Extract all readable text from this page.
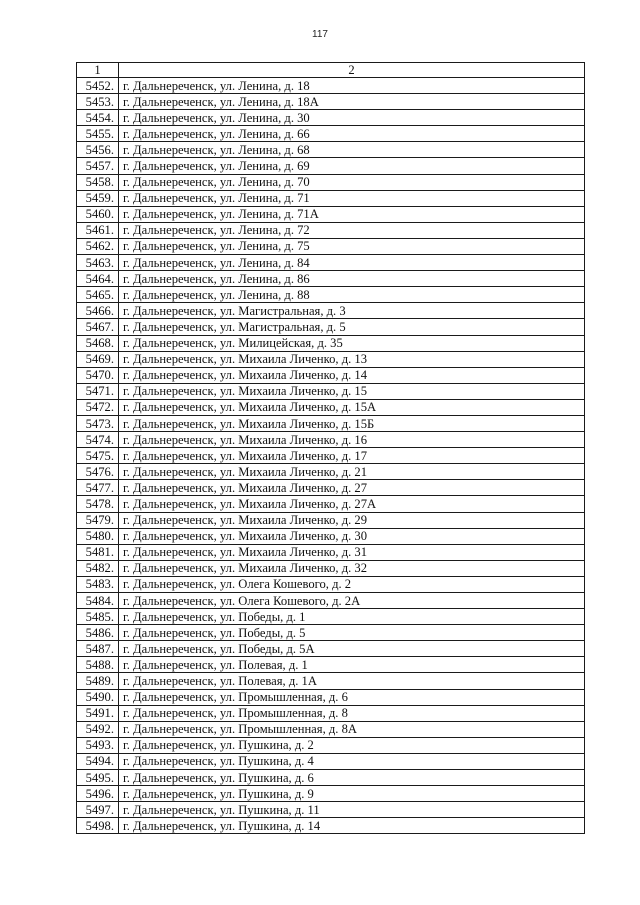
117
1	2
5452.	г. Дальнереченск, ул. Ленина, д. 18
5453.	г. Дальнереченск, ул. Ленина, д. 18А
5454.	г. Дальнереченск, ул. Ленина, д. 30
5455.	г. Дальнереченск, ул. Ленина, д. 66
5456.	г. Дальнереченск, ул. Ленина, д. 68
5457.	г. Дальнереченск, ул. Ленина, д. 69
5458.	г. Дальнереченск, ул. Ленина, д. 70
5459.	г. Дальнереченск, ул. Ленина, д. 71
5460.	г. Дальнереченск, ул. Ленина, д. 71А
5461.	г. Дальнереченск, ул. Ленина, д. 72
5462.	г. Дальнереченск, ул. Ленина, д. 75
5463.	г. Дальнереченск, ул. Ленина, д. 84
5464.	г. Дальнереченск, ул. Ленина, д. 86
5465.	г. Дальнереченск, ул. Ленина, д. 88
5466.	г. Дальнереченск, ул. Магистральная, д. 3
5467.	г. Дальнереченск, ул. Магистральная, д. 5
5468.	г. Дальнереченск, ул. Милицейская, д. 35
5469.	г. Дальнереченск, ул. Михаила Личенко, д. 13
5470.	г. Дальнереченск, ул. Михаила Личенко, д. 14
5471.	г. Дальнереченск, ул. Михаила Личенко, д. 15
5472.	г. Дальнереченск, ул. Михаила Личенко, д. 15А
5473.	г. Дальнереченск, ул. Михаила Личенко, д. 15Б
5474.	г. Дальнереченск, ул. Михаила Личенко, д. 16
5475.	г. Дальнереченск, ул. Михаила Личенко, д. 17
5476.	г. Дальнереченск, ул. Михаила Личенко, д. 21
5477.	г. Дальнереченск, ул. Михаила Личенко, д. 27
5478.	г. Дальнереченск, ул. Михаила Личенко, д. 27А
5479.	г. Дальнереченск, ул. Михаила Личенко, д. 29
5480.	г. Дальнереченск, ул. Михаила Личенко, д. 30
5481.	г. Дальнереченск, ул. Михаила Личенко, д. 31
5482.	г. Дальнереченск, ул. Михаила Личенко, д. 32
5483.	г. Дальнереченск, ул. Олега Кошевого, д. 2
5484.	г. Дальнереченск, ул. Олега Кошевого, д. 2А
5485.	г. Дальнереченск, ул. Победы, д. 1
5486.	г. Дальнереченск, ул. Победы, д. 5
5487.	г. Дальнереченск, ул. Победы, д. 5А
5488.	г. Дальнереченск, ул. Полевая, д. 1
5489.	г. Дальнереченск, ул. Полевая, д. 1А
5490.	г. Дальнереченск, ул. Промышленная, д. 6
5491.	г. Дальнереченск, ул. Промышленная, д. 8
5492.	г. Дальнереченск, ул. Промышленная, д. 8А
5493.	г. Дальнереченск, ул. Пушкина, д. 2
5494.	г. Дальнереченск, ул. Пушкина, д. 4
5495.	г. Дальнереченск, ул. Пушкина, д. 6
5496.	г. Дальнереченск, ул. Пушкина, д. 9
5497.	г. Дальнереченск, ул. Пушкина, д. 11
5498.	г. Дальнереченск, ул. Пушкина, д. 14
